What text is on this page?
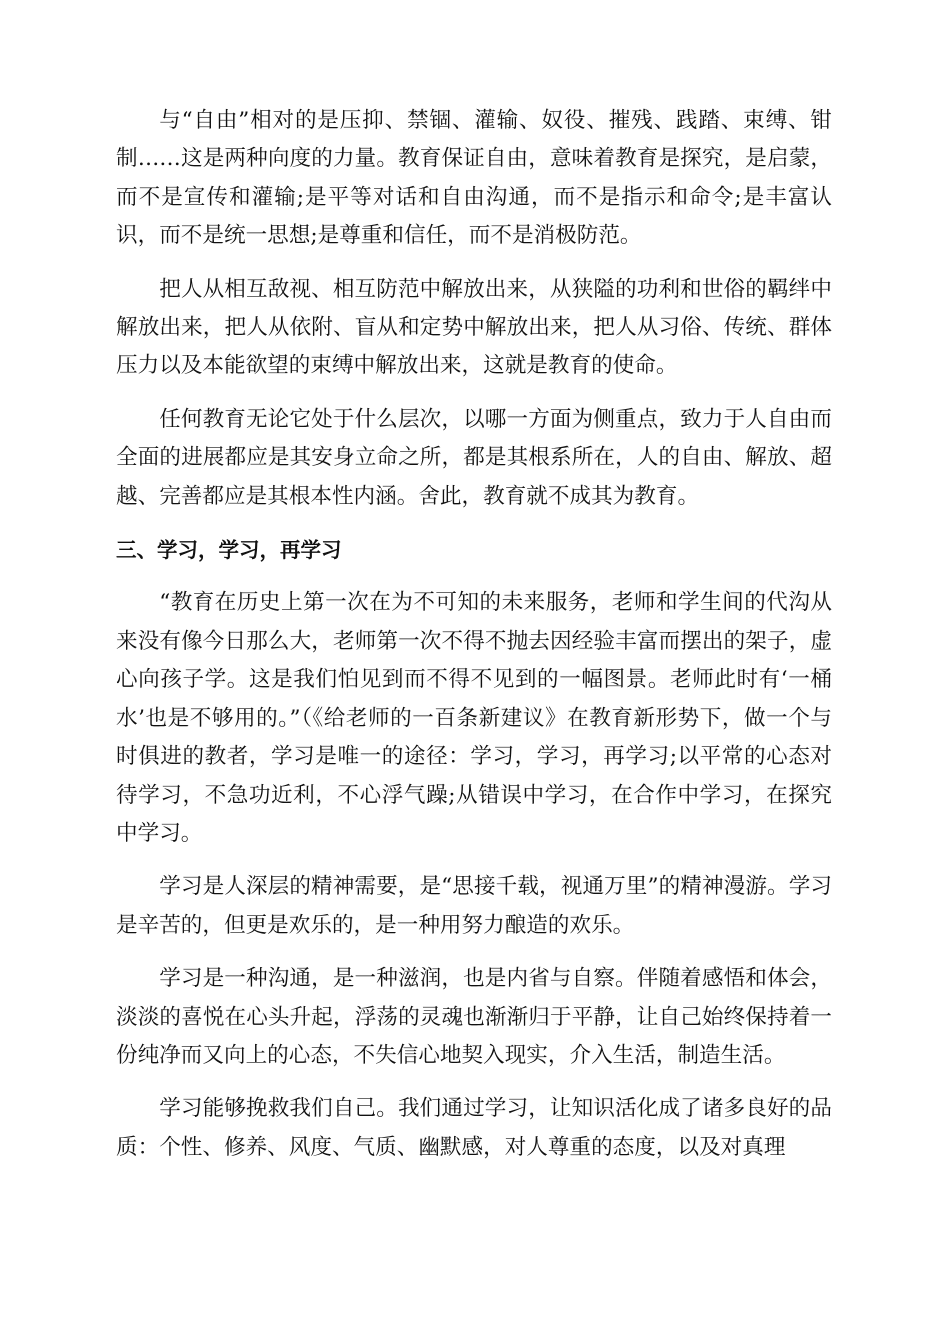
与“自由”相对的是压抑、禁锢、灌输、奴役、摧残、践踏、束缚、钳制……这是两种向度的力量。教育保证自由，意味着教育是探究，是启蒙，而不是宣传和灌输;是平等对话和自由沟通，而不是指示和命令;是丰富认识，而不是统一思想;是尊重和信任，而不是消极防范。

把人从相互敌视、相互防范中解放出来，从狭隘的功利和世俗的羁绊中解放出来，把人从依附、盲从和定势中解放出来，把人从习俗、传统、群体压力以及本能欲望的束缚中解放出来，这就是教育的使命。

任何教育无论它处于什么层次，以哪一方面为侧重点，致力于人自由而全面的进展都应是其安身立命之所，都是其根系所在，人的自由、解放、超越、完善都应是其根本性内涵。舍此，教育就不成其为教育。

三、学习，学习，再学习

“教育在历史上第一次在为不可知的未来服务，老师和学生间的代沟从来没有像今日那么大，老师第一次不得不抛去因经验丰富而摆出的架子，虚心向孩子学。这是我们怕见到而不得不见到的一幅图景。老师此时有‘一桶水’也是不够用的。”（《给老师的一百条新建议》在教育新形势下，做一个与时俱进的教者，学习是唯一的途径：学习，学习，再学习;以平常的心态对待学习，不急功近利，不心浮气躁;从错误中学习，在合作中学习，在探究中学习。

学习是人深层的精神需要，是“思接千载，视通万里”的精神漫游。学习是辛苦的，但更是欢乐的，是一种用努力酿造的欢乐。

学习是一种沟通，是一种滋润，也是内省与自察。伴随着感悟和体会，淡淡的喜悦在心头升起，浮荡的灵魂也渐渐归于平静，让自己始终保持着一份纯净而又向上的心态，不失信心地契入现实，介入生活，制造生活。

学习能够挽救我们自己。我们通过学习，让知识活化成了诸多良好的品质：个性、修养、风度、气质、幽默感，对人尊重的态度，以及对真理
